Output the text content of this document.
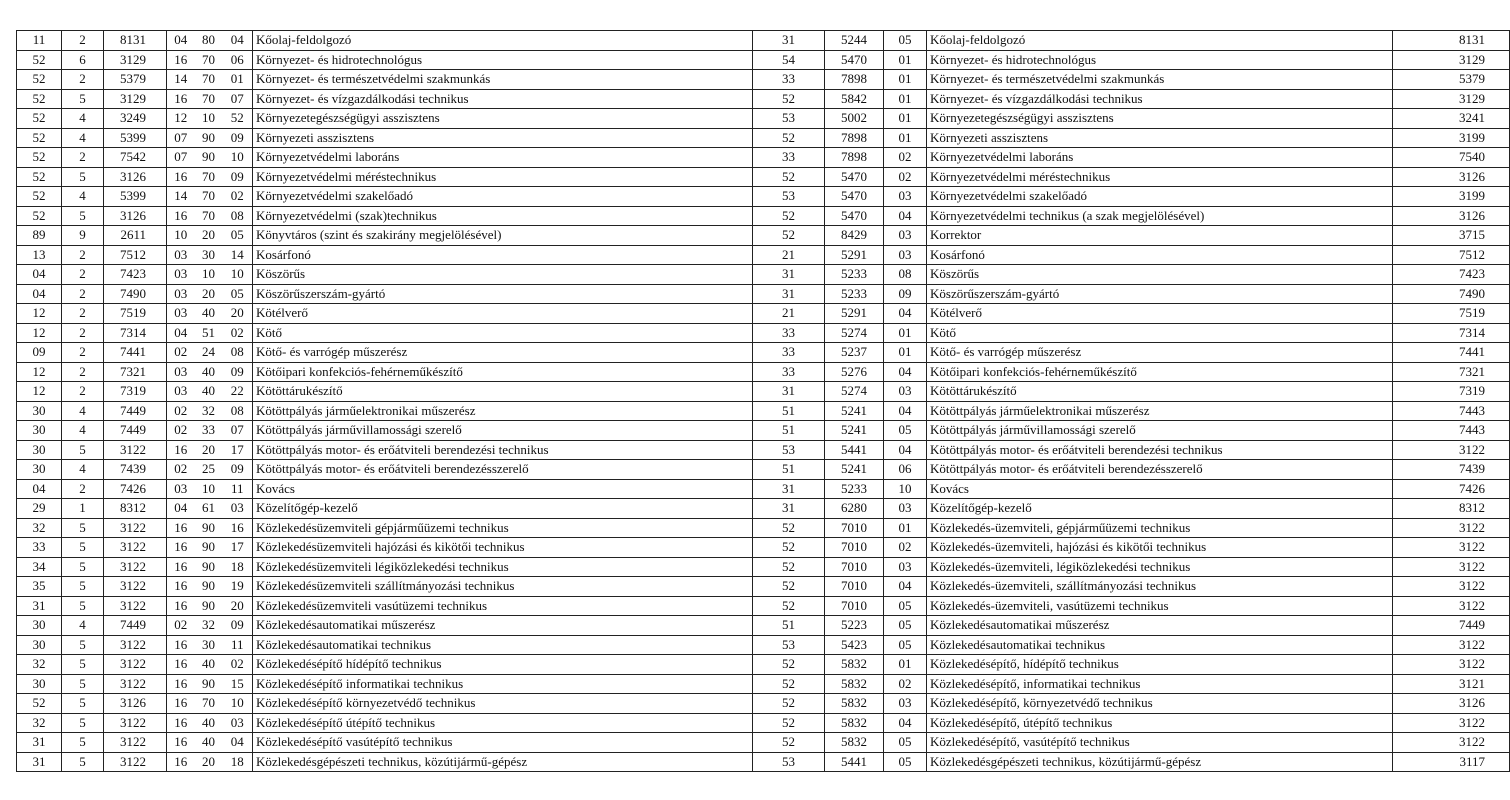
11	2	8131	04	80	04	Kőolaj-feldolgozó	31	5244	05	Kőolaj-feldolgozó	8131
52	6	3129	16	70	06	Környezet- és hidrotechnológus	54	5470	01	Környezet- és hidrotechnológus	3129
52	2	5379	14	70	01	Környezet- és természetvédelmi szakmunkás	33	7898	01	Környezet- és természetvédelmi szakmunkás	5379
52	5	3129	16	70	07	Környezet- és vízgazdálkodási technikus	52	5842	01	Környezet- és vízgazdálkodási technikus	3129
52	4	3249	12	10	52	Környezetegészségügyi asszisztens	53	5002	01	Környezetegészségügyi asszisztens	3241
52	4	5399	07	90	09	Környezeti asszisztens	52	7898	01	Környezeti asszisztens	3199
52	2	7542	07	90	10	Környezetvédelmi laboráns	33	7898	02	Környezetvédelmi laboráns	7540
52	5	3126	16	70	09	Környezetvédelmi méréstechnikus	52	5470	02	Környezetvédelmi méréstechnikus	3126
52	4	5399	14	70	02	Környezetvédelmi szakelőadó	53	5470	03	Környezetvédelmi szakelőadó	3199
52	5	3126	16	70	08	Környezetvédelmi (szak)technikus	52	5470	04	Környezetvédelmi technikus (a szak megjelölésével)	3126
89	9	2611	10	20	05	Könyvtáros (szint és szakirány megjelölésével)	52	8429	03	Korrektor	3715
13	2	7512	03	30	14	Kosárfonó	21	5291	03	Kosárfonó	7512
04	2	7423	03	10	10	Köszörűs	31	5233	08	Köszörűs	7423
04	2	7490	03	20	05	Köszörűszerszám-gyártó	31	5233	09	Köszörűszerszám-gyártó	7490
12	2	7519	03	40	20	Kötélverő	21	5291	04	Kötélverő	7519
12	2	7314	04	51	02	Kötő	33	5274	01	Kötő	7314
09	2	7441	02	24	08	Kötő- és varrógép műszerész	33	5237	01	Kötő- és varrógép műszerész	7441
12	2	7321	03	40	09	Kötőipari konfekciós-fehérneműkészítő	33	5276	04	Kötőipari konfekciós-fehérneműkészítő	7321
12	2	7319	03	40	22	Kötöttárukészítő	31	5274	03	Kötöttárukészítő	7319
30	4	7449	02	32	08	Kötöttpályás járműelektronikai műszerész	51	5241	04	Kötöttpályás járműelektronikai műszerész	7443
30	4	7449	02	33	07	Kötöttpályás járművillamossági szerelő	51	5241	05	Kötöttpályás járművillamossági szerelő	7443
30	5	3122	16	20	17	Kötöttpályás motor- és erőátviteli berendezési technikus	53	5441	04	Kötöttpályás motor- és erőátviteli berendezési technikus	3122
30	4	7439	02	25	09	Kötöttpályás motor- és erőátviteli berendezésszerelő	51	5241	06	Kötöttpályás motor- és erőátviteli berendezésszerelő	7439
04	2	7426	03	10	11	Kovács	31	5233	10	Kovács	7426
29	1	8312	04	61	03	Közelítőgép-kezelő	31	6280	03	Közelítőgép-kezelő	8312
32	5	3122	16	90	16	Közlekedésüzemviteli gépjárműüzemi technikus	52	7010	01	Közlekedés-üzemviteli, gépjárműüzemi technikus	3122
33	5	3122	16	90	17	Közlekedésüzemviteli hajózási és kikötői technikus	52	7010	02	Közlekedés-üzemviteli, hajózási és kikötői technikus	3122
34	5	3122	16	90	18	Közlekedésüzemviteli légiközlekedési technikus	52	7010	03	Közlekedés-üzemviteli, légiközlekedési technikus	3122
35	5	3122	16	90	19	Közlekedésüzemviteli szállítmányozási technikus	52	7010	04	Közlekedés-üzemviteli, szállítmányozási technikus	3122
31	5	3122	16	90	20	Közlekedésüzemviteli vasútüzemi technikus	52	7010	05	Közlekedés-üzemviteli, vasútüzemi technikus	3122
30	4	7449	02	32	09	Közlekedésautomatikai műszerész	51	5223	05	Közlekedésautomatikai műszerész	7449
30	5	3122	16	30	11	Közlekedésautomatikai technikus	53	5423	05	Közlekedésautomatikai technikus	3122
32	5	3122	16	40	02	Közlekedésépítő hídépítő technikus	52	5832	01	Közlekedésépítő, hídépítő technikus	3122
30	5	3122	16	90	15	Közlekedésépítő informatikai technikus	52	5832	02	Közlekedésépítő, informatikai technikus	3121
52	5	3126	16	70	10	Közlekedésépítő környezetvédő technikus	52	5832	03	Közlekedésépítő, környezetvédő technikus	3126
32	5	3122	16	40	03	Közlekedésépítő útépítő technikus	52	5832	04	Közlekedésépítő, útépítő technikus	3122
31	5	3122	16	40	04	Közlekedésépítő vasútépítő technikus	52	5832	05	Közlekedésépítő, vasútépítő technikus	3122
31	5	3122	16	20	18	Közlekedésgépészeti technikus, közútijármű-gépész	53	5441	05	Közlekedésgépészeti technikus, közútijármű-gépész	3117
